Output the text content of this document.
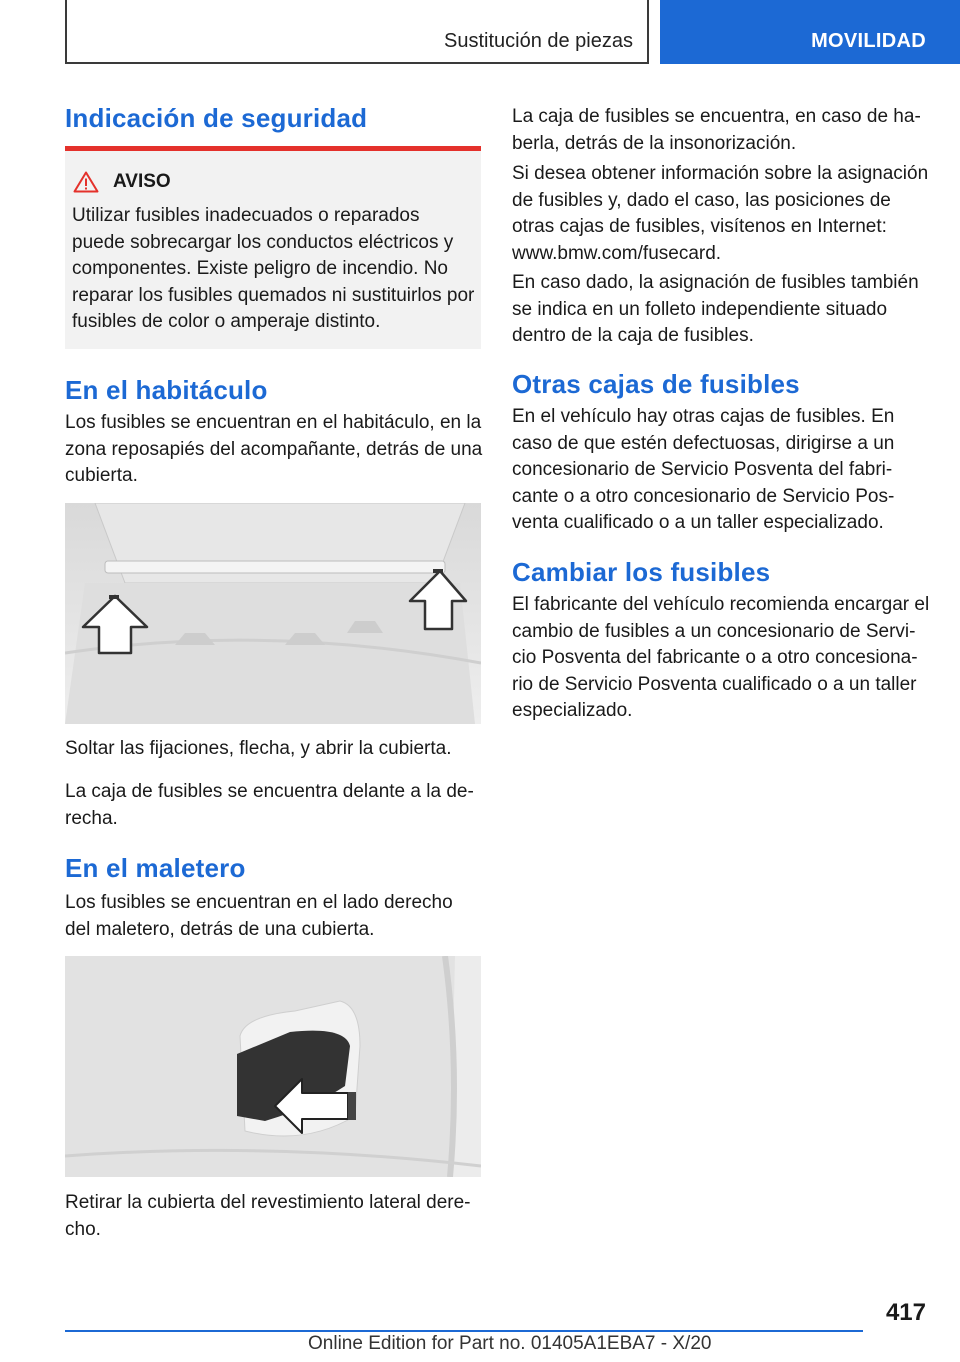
Sustitución de piezas	MOVILIDAD
Indicación de seguridad
AVISO

Utilizar fusibles inadecuados o reparados puede sobrecargar los conductos eléctricos y componentes. Existe peligro de incendio. No reparar los fusibles quemados ni sustituirlos por fusibles de color o amperaje distinto.

En el habitáculo

Los fusibles se encuentran en el habitáculo, en la zona reposapiés del acompañante, detrás de una cubierta.

Soltar las fijaciones, flecha, y abrir la cubierta.

La caja de fusibles se encuentra delante a la de- recha.

En el maletero

Los fusibles se encuentran en el lado derecho del maletero, detrás de una cubierta.

Retirar la cubierta del revestimiento lateral dere- cho.

La caja de fusibles se encuentra, en caso de ha- berla, detrás de la insonorización.

Si desea obtener información sobre la asignación de fusibles y, dado el caso, las posiciones de otras cajas de fusibles, visítenos en Internet: www.bmw.com/fusecard.

En caso dado, la asignación de fusibles también se indica en un folleto independiente situado dentro de la caja de fusibles.

Otras cajas de fusibles

En el vehículo hay otras cajas de fusibles. En caso de que estén defectuosas, dirigirse a un concesionario de Servicio Posventa del fabri- cante o a otro concesionario de Servicio Pos- venta cualificado o a un taller especializado.

Cambiar los fusibles

El fabricante del vehículo recomienda encargar el cambio de fusibles a un concesionario de Servi- cio Posventa del fabricante o a otro concesiona- rio de Servicio Posventa cualificado o a un taller especializado.

417
Online Edition for Part no. 01405A1EBA7 - X/20
